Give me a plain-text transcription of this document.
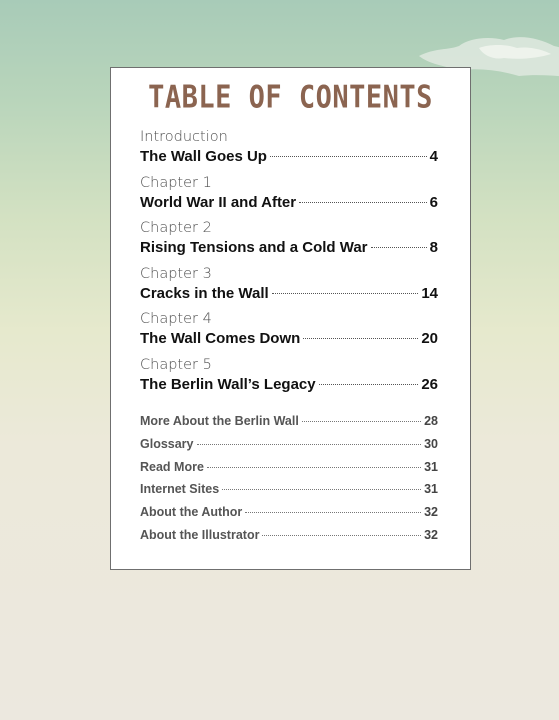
TABLE OF CONTENTS
Introduction
The Wall Goes Up	4
Chapter 1
World War II and After	6
Chapter 2
Rising Tensions and a Cold War	8
Chapter 3
Cracks in the Wall	14
Chapter 4
The Wall Comes Down	20
Chapter 5
The Berlin Wall’s Legacy	26
More About the Berlin Wall	28
Glossary	30
Read More	31
Internet Sites	31
About the Author	32
About the Illustrator	32
